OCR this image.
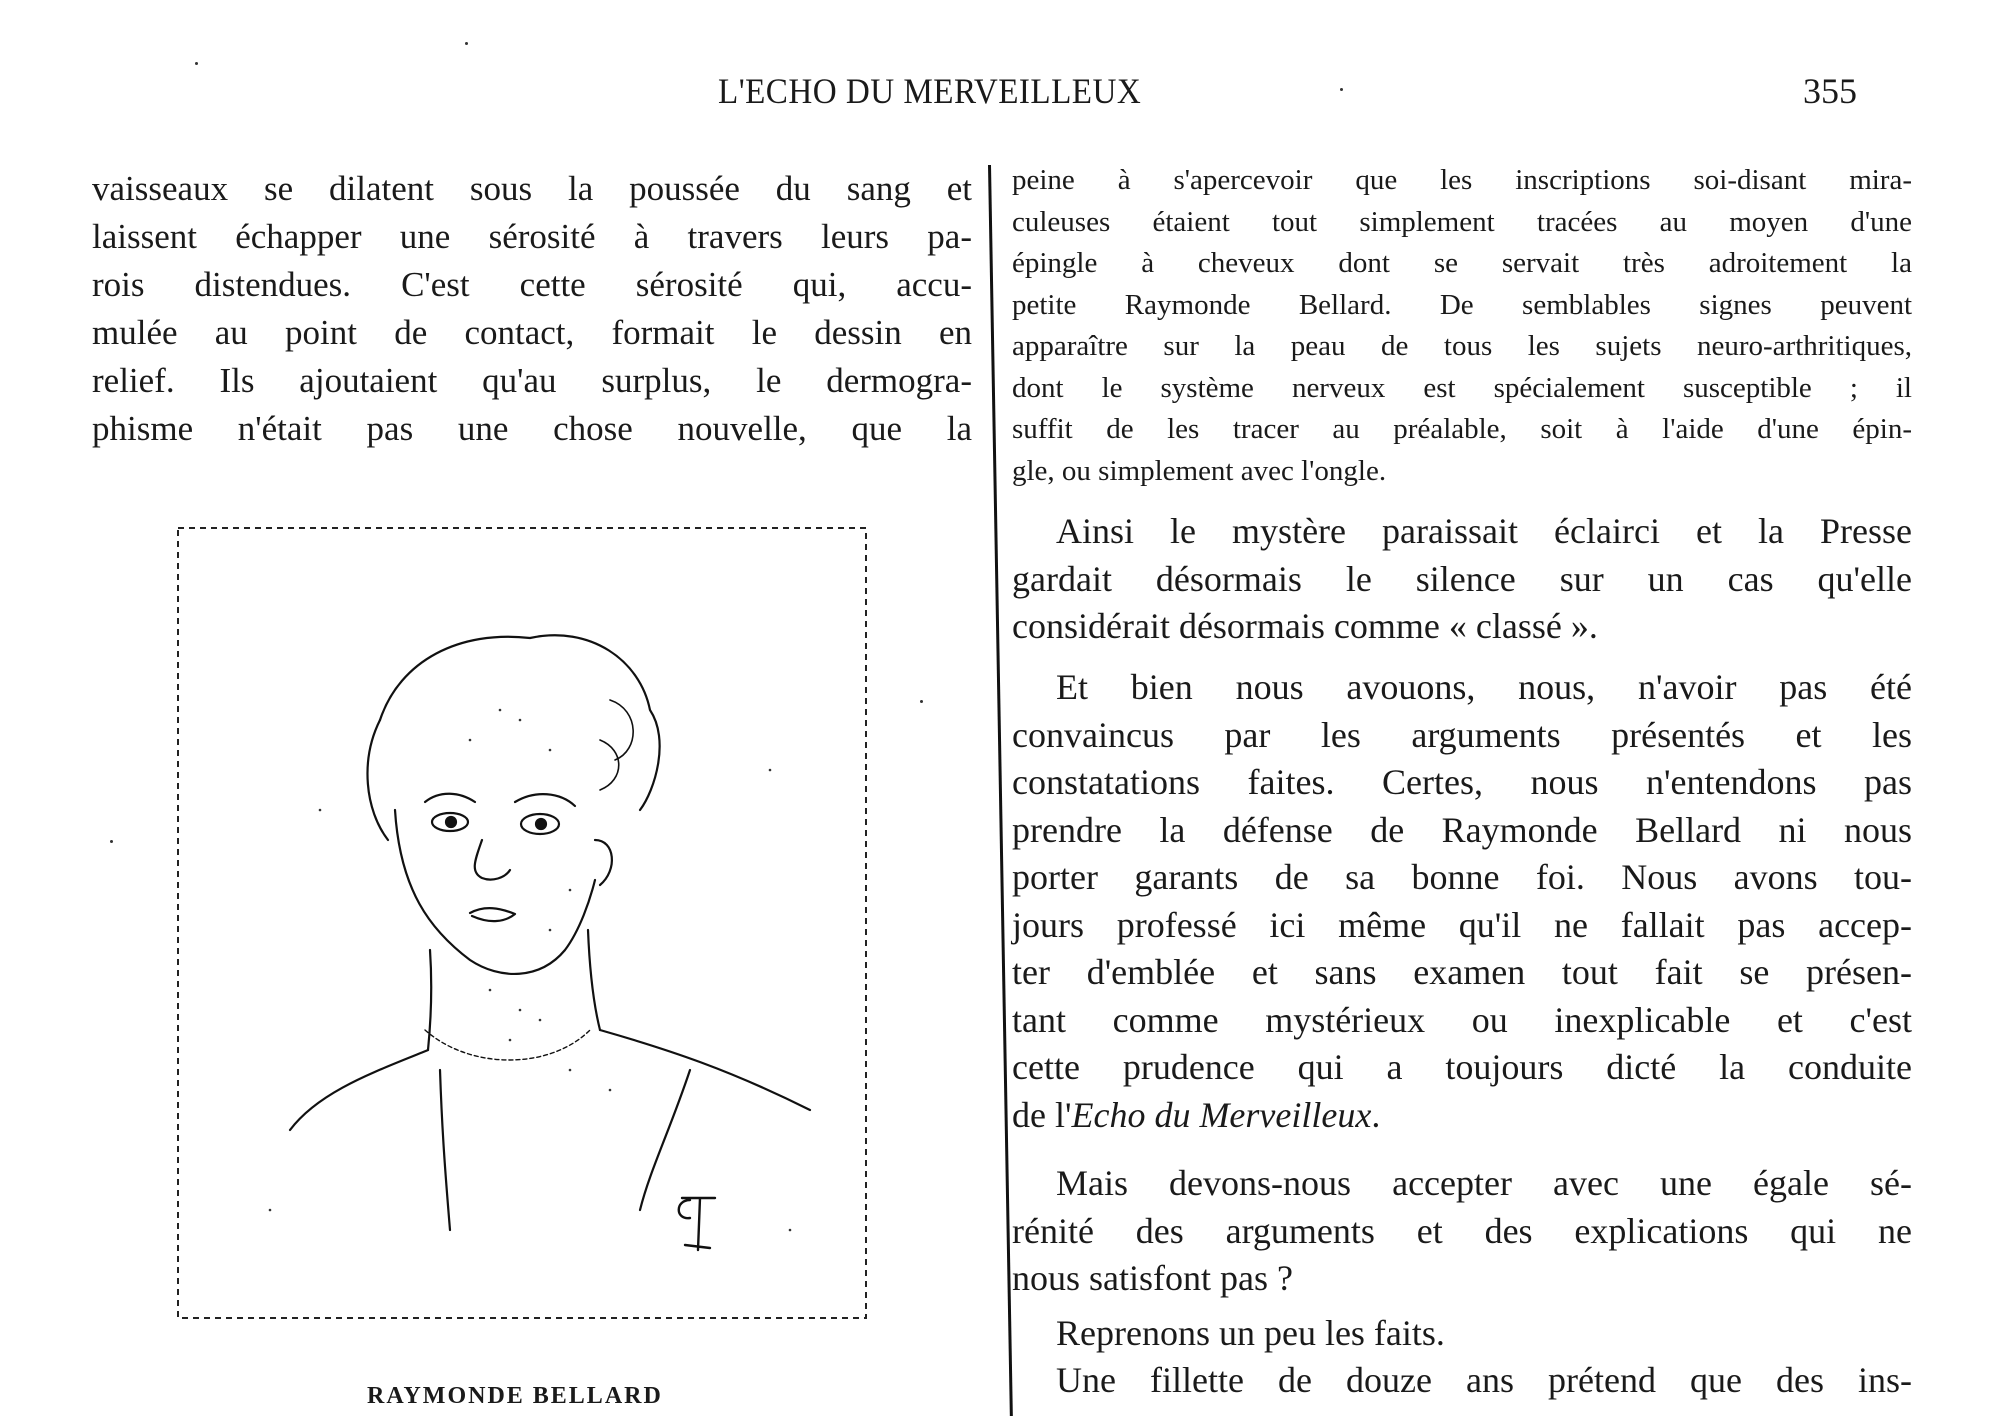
L'ECHO DU MERVEILLEUX	355

vaisseaux se dilatent sous la poussée du sang et
laissent échapper une sérosité à travers leurs pa-
rois distendues. C'est cette sérosité qui, accu-
mulée au point de contact, formait le dessin en
relief. Ils ajoutaient qu'au surplus, le dermogra-
phisme n'était pas une chose nouvelle, que la

RAYMONDE BELLARD
peine à s'apercevoir que les inscriptions soi-disant mira-
culeuses étaient tout simplement tracées au moyen d'une
épingle à cheveux dont se servait très adroitement la
petite Raymonde Bellard. De semblables signes peuvent
apparaître sur la peau de tous les sujets neuro-arthritiques,
dont le système nerveux est spécialement susceptible ; il
suffit de les tracer au préalable, soit à l'aide d'une épin-
gle, ou simplement avec l'ongle.
Ainsi le mystère paraissait éclairci et la Presse
gardait désormais le silence sur un cas qu'elle
considérait désormais comme « classé ».
Et bien nous avouons, nous, n'avoir pas été
convaincus par les arguments présentés et les
constatations faites. Certes, nous n'entendons pas
prendre la défense de Raymonde Bellard ni nous
porter garants de sa bonne foi. Nous avons tou-
jours professé ici même qu'il ne fallait pas accep-
ter d'emblée et sans examen tout fait se présen-
tant comme mystérieux ou inexplicable et c'est
cette prudence qui a toujours dicté la conduite
de l'Echo du Merveilleux.
Mais devons-nous accepter avec une égale sé-
rénité des arguments et des explications qui ne
nous satisfont pas ?
Reprenons un peu les faits.
Une fillette de douze ans prétend que des ins-
